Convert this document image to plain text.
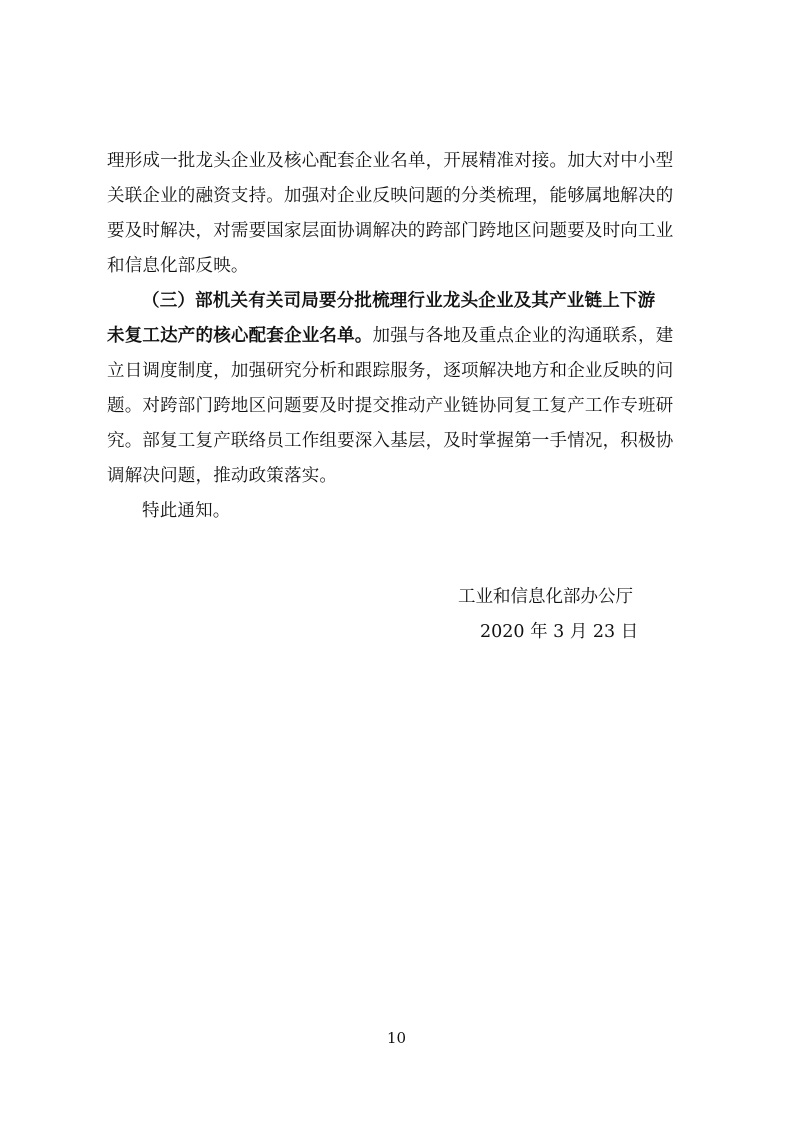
理形成一批龙头企业及核心配套企业名单，开展精准对接。加大对中小型
关联企业的融资支持。加强对企业反映问题的分类梳理，能够属地解决的
要及时解决，对需要国家层面协调解决的跨部门跨地区问题要及时向工业
和信息化部反映。
（三）部机关有关司局要分批梳理行业龙头企业及其产业链上下游
未复工达产的核心配套企业名单。加强与各地及重点企业的沟通联系，建
立日调度制度，加强研究分析和跟踪服务，逐项解决地方和企业反映的问
题。对跨部门跨地区问题要及时提交推动产业链协同复工复产工作专班研
究。部复工复产联络员工作组要深入基层，及时掌握第一手情况，积极协
调解决问题，推动政策落实。
特此通知。
工业和信息化部办公厅
2020 年 3 月 23 日
10
